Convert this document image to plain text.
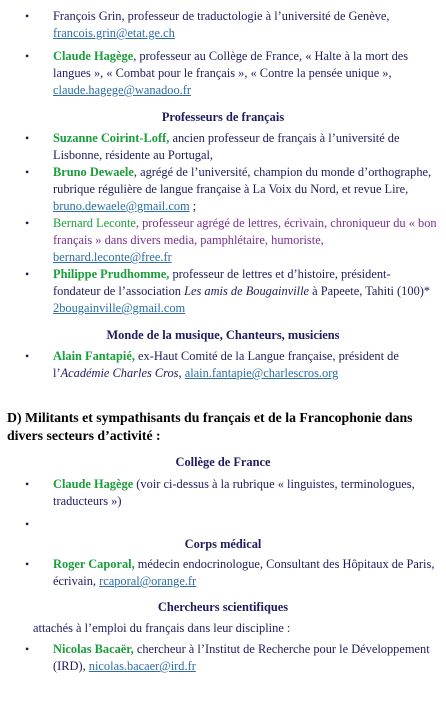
• François Grin, professeur de traductologie à l’université de Genève,
francois.grin@etat.ge.ch
• Claude Hagège, professeur au Collège de France, « Halte à la mort des langues », « Combat pour le français », « Contre la pensée unique », claude.hagege@wanadoo.fr

Professeurs de français

• Suzanne Coirint-Loff, ancien professeur de français à l’université de Lisbonne, résidente au Portugal,
• Bruno Dewaele, agrégé de l’université, champion du monde d’orthographe, rubrique régulière de langue française à La Voix du Nord, et revue Lire, bruno.dewaele@gmail.com ;
• Bernard Leconte, professeur agrégé de lettres, écrivain, chroniqueur du « bon français » dans divers media, pamphlétaire, humoriste,
bernard.leconte@free.fr
• Philippe Prudhomme, professeur de lettres et d’histoire, président-fondateur de l’association Les amis de Bougainville à Papeete, Tahiti (100)* 2bougainville@gmail.com

Monde de la musique, Chanteurs, musiciens

• Alain Fantapié, ex-Haut Comité de la Langue française, président de l’Académie Charles Cros, alain.fantapie@charlescros.org

D) Militants et sympathisants du français et de la Francophonie dans divers secteurs d’activité :

Collège de France

• Claude Hagège (voir ci-dessus à la rubrique « linguistes, terminologues, traducteurs »)
•

Corps médical

• Roger Caporal, médecin endocrinologue, Consultant des Hôpitaux de Paris, écrivain, rcaporal@orange.fr

Chercheurs scientifiques

attachés à l’emploi du français dans leur discipline :

• Nicolas Bacaër, chercheur à l’Institut de Recherche pour le Développement (IRD), nicolas.bacaer@ird.fr
